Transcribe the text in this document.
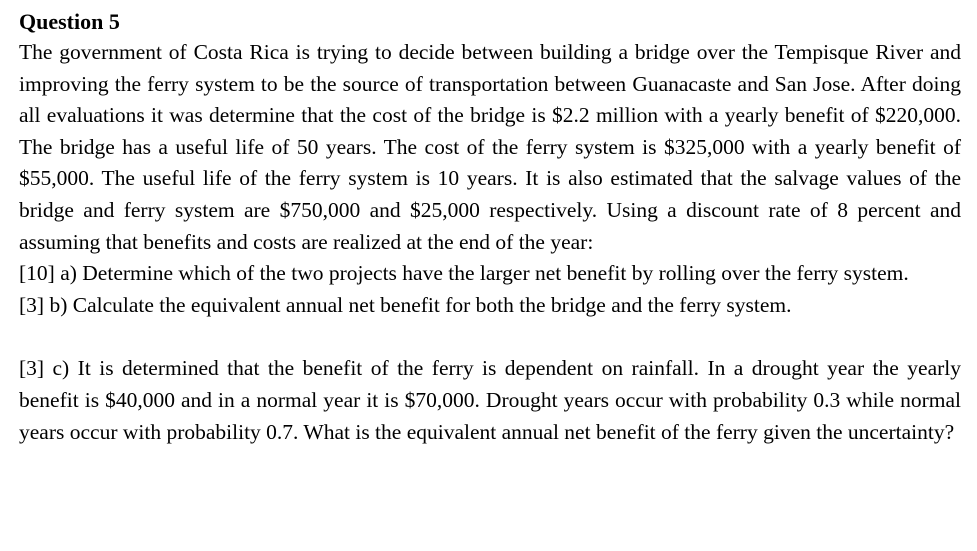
Question 5

The government of Costa Rica is trying to decide between building a bridge over the Tempisque River and improving the ferry system to be the source of transportation between Guanacaste and San Jose. After doing all evaluations it was determine that the cost of the bridge is $2.2 million with a yearly benefit of $220,000. The bridge has a useful life of 50 years. The cost of the ferry system is $325,000 with a yearly benefit of $55,000. The useful life of the ferry system is 10 years. It is also estimated that the salvage values of the bridge and ferry system are $750,000 and $25,000 respectively. Using a discount rate of 8 percent and assuming that benefits and costs are realized at the end of the year:

[10] a) Determine which of the two projects have the larger net benefit by rolling over the ferry system.

[3] b) Calculate the equivalent annual net benefit for both the bridge and the ferry system.

[3] c) It is determined that the benefit of the ferry is dependent on rainfall. In a drought year the yearly benefit is $40,000 and in a normal year it is $70,000. Drought years occur with probability 0.3 while normal years occur with probability 0.7. What is the equivalent annual net benefit of the ferry given the uncertainty?
